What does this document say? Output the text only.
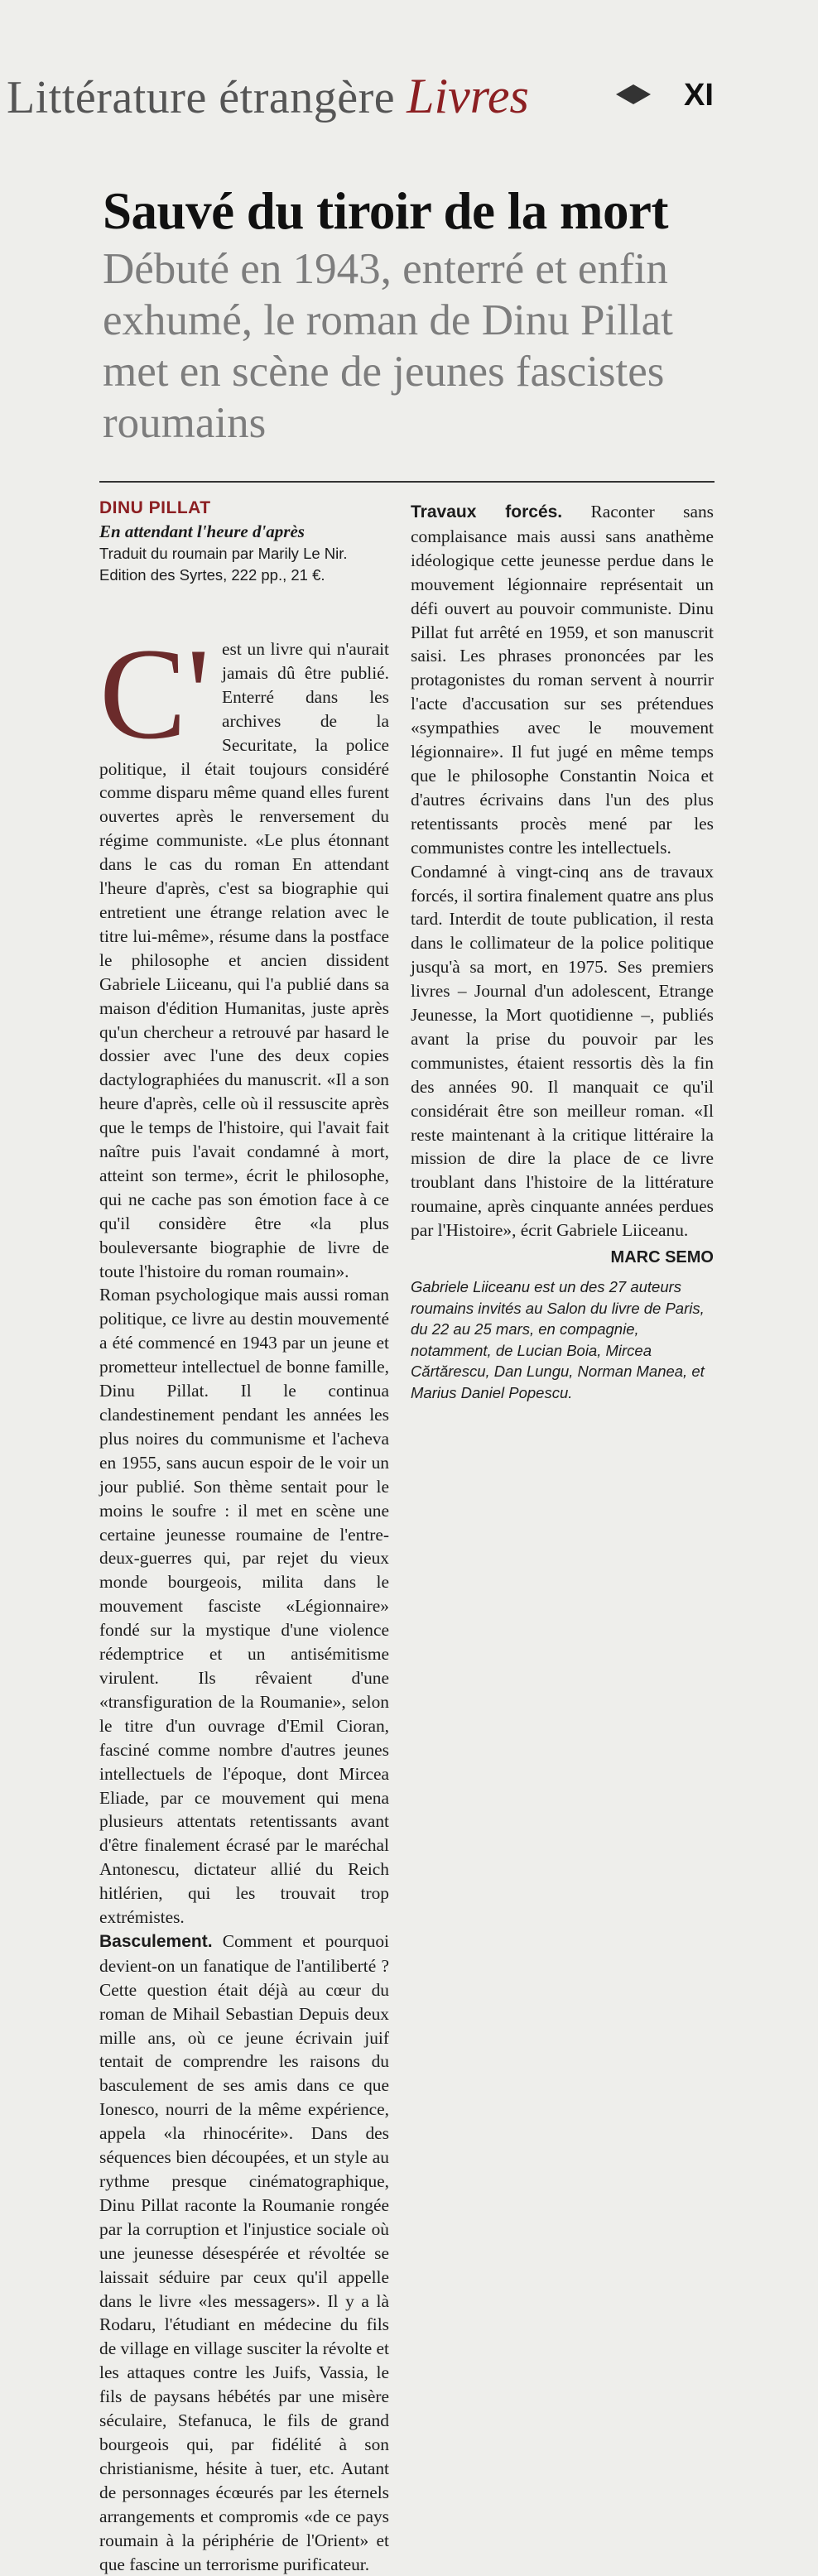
Littérature étrangère Livres	XI
Sauvé du tiroir de la mort
Débuté en 1943, enterré et enfin exhumé, le roman de Dinu Pillat met en scène de jeunes fascistes roumains

DINU PILLAT

En attendant l'heure d'après

Traduit du roumain par Marily Le Nir.

Edition des Syrtes, 222 pp., 21 €.

C' est un livre qui n'aurait jamais dû être publié. Enterré dans les archives de la Securitate, la police politique, il était toujours considéré comme disparu même quand elles furent ouvertes après le renversement du régime communiste. «Le plus étonnant dans le cas du roman En attendant l'heure d'après, c'est sa biographie qui entretient une étrange relation avec le titre lui-même», résume dans la postface le philosophe et ancien dissident Gabriele Liiceanu, qui l'a publié dans sa maison d'édition Humanitas, juste après qu'un chercheur a retrouvé par hasard le dossier avec l'une des deux copies dactylographiées du manuscrit. «Il a son heure d'après, celle où il ressuscite après que le temps de l'histoire, qui l'avait fait naître puis l'avait condamné à mort, atteint son terme», écrit le philosophe, qui ne cache pas son émotion face à ce qu'il considère être «la plus bouleversante biographie de livre de toute l'histoire du roman roumain».

Roman psychologique mais aussi roman politique, ce livre au destin mouvementé a été commencé en 1943 par un jeune et prometteur intellectuel de bonne famille, Dinu Pillat. Il le continua clandestinement pendant les années les plus noires du communisme et l'acheva en 1955, sans aucun espoir de le voir un jour publié. Son thème sentait pour le moins le soufre : il met en scène une certaine jeunesse roumaine de l'entre-deux-guerres qui, par rejet du vieux monde bourgeois, milita dans le mouvement fasciste «Légionnaire» fondé sur la mystique d'une violence rédemptrice et un antisémitisme virulent. Ils rêvaient d'une «transfiguration de la Roumanie», selon le titre d'un ouvrage d'Emil Cioran, fasciné comme nombre d'autres jeunes intellectuels de l'époque, dont Mircea Eliade, par ce mouvement qui mena plusieurs attentats retentissants avant d'être finalement écrasé par le maréchal Antonescu, dictateur allié du Reich hitlérien, qui les trouvait trop extrémistes.

Basculement. Comment et pourquoi devient-on un fanatique de l'antiliberté ? Cette question était déjà au cœur du roman de Mihail Sebastian Depuis deux mille ans, où ce jeune écrivain juif tentait de comprendre les raisons du basculement de ses amis dans ce que Ionesco, nourri de la même expérience, appela «la rhinocérite». Dans des séquences bien découpées, et un style au rythme presque cinématographique, Dinu Pillat raconte la Roumanie rongée par la corruption et l'injustice sociale où une jeunesse désespérée et révoltée se laissait séduire par ceux qu'il appelle dans le livre «les messagers». Il y a là Rodaru, l'étudiant en médecine du fils de village en village susciter la révolte et les attaques contre les Juifs, Vassia, le fils de paysans hébétés par une misère séculaire, Stefanuca, le fils de grand bourgeois qui, par fidélité à son christianisme, hésite à tuer, etc. Autant de personnages écœurés par les éternels arrangements et compromis «de ce pays roumain à la périphérie de l'Orient» et que fascine un terrorisme purificateur.

Travaux forcés. Raconter sans complaisance mais aussi sans anathème idéologique cette jeunesse perdue dans le mouvement légionnaire représentait un défi ouvert au pouvoir communiste. Dinu Pillat fut arrêté en 1959, et son manuscrit saisi. Les phrases prononcées par les protagonistes du roman servent à nourrir l'acte d'accusation sur ses prétendues «sympathies avec le mouvement légionnaire». Il fut jugé en même temps que le philosophe Constantin Noica et d'autres écrivains dans l'un des plus retentissants procès mené par les communistes contre les intellectuels.

Condamné à vingt-cinq ans de travaux forcés, il sortira finalement quatre ans plus tard. Interdit de toute publication, il resta dans le collimateur de la police politique jusqu'à sa mort, en 1975. Ses premiers livres – Journal d'un adolescent, Etrange Jeunesse, la Mort quotidienne –, publiés avant la prise du pouvoir par les communistes, étaient ressortis dès la fin des années 90. Il manquait ce qu'il considérait être son meilleur roman. «Il reste maintenant à la critique littéraire la mission de dire la place de ce livre troublant dans l'histoire de la littérature roumaine, après cinquante années perdues par l'Histoire», écrit Gabriele Liiceanu.

MARC SEMO

Gabriele Liiceanu est un des 27 auteurs roumains invités au Salon du livre de Paris, du 22 au 25 mars, en compagnie, notamment, de Lucian Boia, Mircea Cărtărescu, Dan Lungu, Norman Manea, et Marius Daniel Popescu.
